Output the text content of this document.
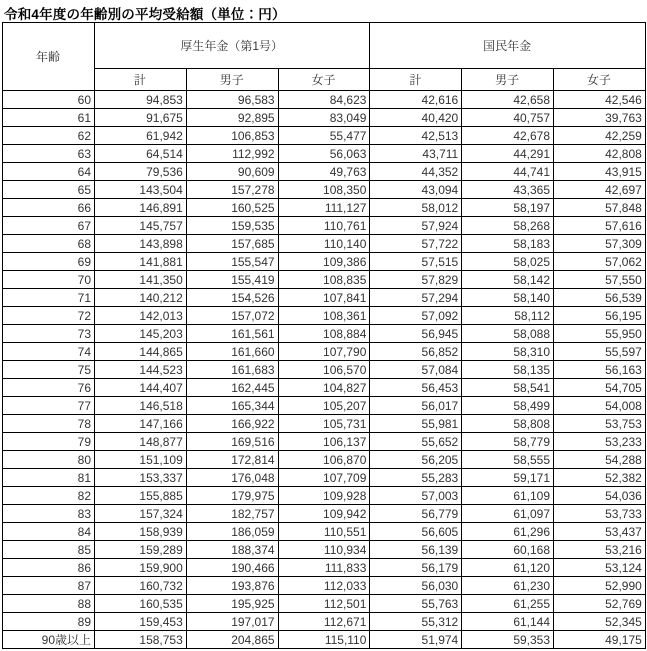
令和4年度の年齢別の平均受給額（単位：円）
年齢	厚生年金（第1号）			国民年金		
	計	男子	女子	計	男子	女子
60	94,853	96,583	84,623	42,616	42,658	42,546
61	91,675	92,895	83,049	40,420	40,757	39,763
62	61,942	106,853	55,477	42,513	42,678	42,259
63	64,514	112,992	56,063	43,711	44,291	42,808
64	79,536	90,609	49,763	44,352	44,741	43,915
65	143,504	157,278	108,350	43,094	43,365	42,697
66	146,891	160,525	111,127	58,012	58,197	57,848
67	145,757	159,535	110,761	57,924	58,268	57,616
68	143,898	157,685	110,140	57,722	58,183	57,309
69	141,881	155,547	109,386	57,515	58,025	57,062
70	141,350	155,419	108,835	57,829	58,142	57,550
71	140,212	154,526	107,841	57,294	58,140	56,539
72	142,013	157,072	108,361	57,092	58,112	56,195
73	145,203	161,561	108,884	56,945	58,088	55,950
74	144,865	161,660	107,790	56,852	58,310	55,597
75	144,523	161,683	106,570	57,084	58,135	56,163
76	144,407	162,445	104,827	56,453	58,541	54,705
77	146,518	165,344	105,207	56,017	58,499	54,008
78	147,166	166,922	105,731	55,981	58,808	53,753
79	148,877	169,516	106,137	55,652	58,779	53,233
80	151,109	172,814	106,870	56,205	58,555	54,288
81	153,337	176,048	107,709	55,283	59,171	52,382
82	155,885	179,975	109,928	57,003	61,109	54,036
83	157,324	182,757	109,942	56,779	61,097	53,733
84	158,939	186,059	110,551	56,605	61,296	53,437
85	159,289	188,374	110,934	56,139	60,168	53,216
86	159,900	190,466	111,833	56,179	61,120	53,124
87	160,732	193,876	112,033	56,030	61,230	52,990
88	160,535	195,925	112,501	55,763	61,255	52,769
89	159,453	197,017	112,671	55,312	61,144	52,345
90歳以上	158,753	204,865	115,110	51,974	59,353	49,175
